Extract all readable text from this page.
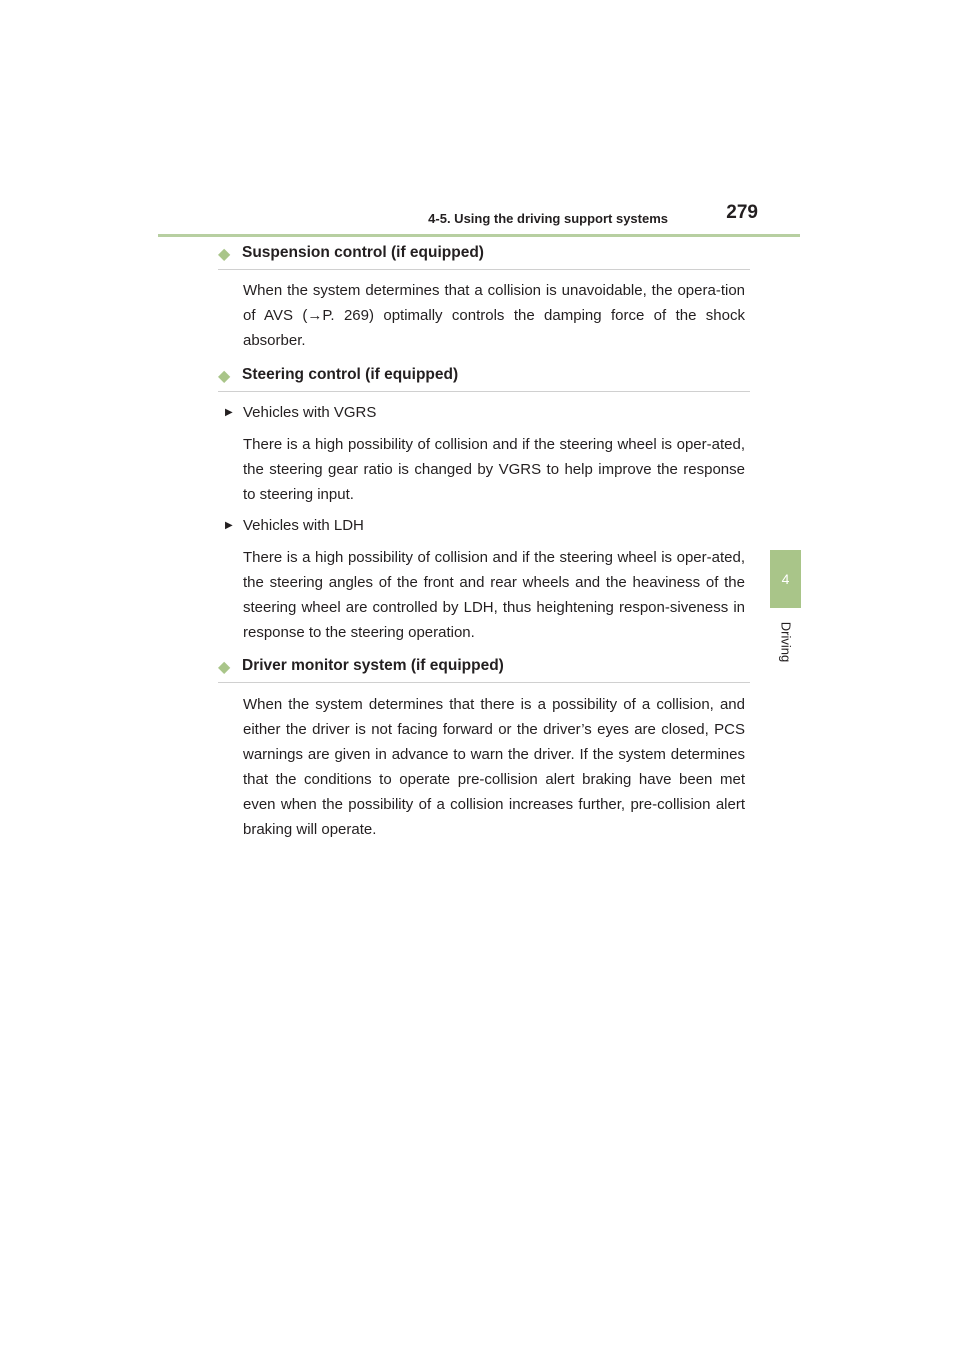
4-5. Using the driving support systems	279
4
Driving
◆ Suspension control (if equipped)

When the system determines that a collision is unavoidable, the opera-tion of AVS (→P. 269) optimally controls the damping force of the shock absorber.

◆ Steering control (if equipped)
▶ Vehicles with VGRS

There is a high possibility of collision and if the steering wheel is oper-ated, the steering gear ratio is changed by VGRS to help improve the response to steering input.

▶ Vehicles with LDH

There is a high possibility of collision and if the steering wheel is oper-ated, the steering angles of the front and rear wheels and the heaviness of the steering wheel are controlled by LDH, thus heightening respon-siveness in response to the steering operation.

◆ Driver monitor system (if equipped)

When the system determines that there is a possibility of a collision, and either the driver is not facing forward or the driver’s eyes are closed, PCS warnings are given in advance to warn the driver. If the system determines that the conditions to operate pre-collision alert braking have been met even when the possibility of a collision increases further, pre-collision alert braking will operate.
